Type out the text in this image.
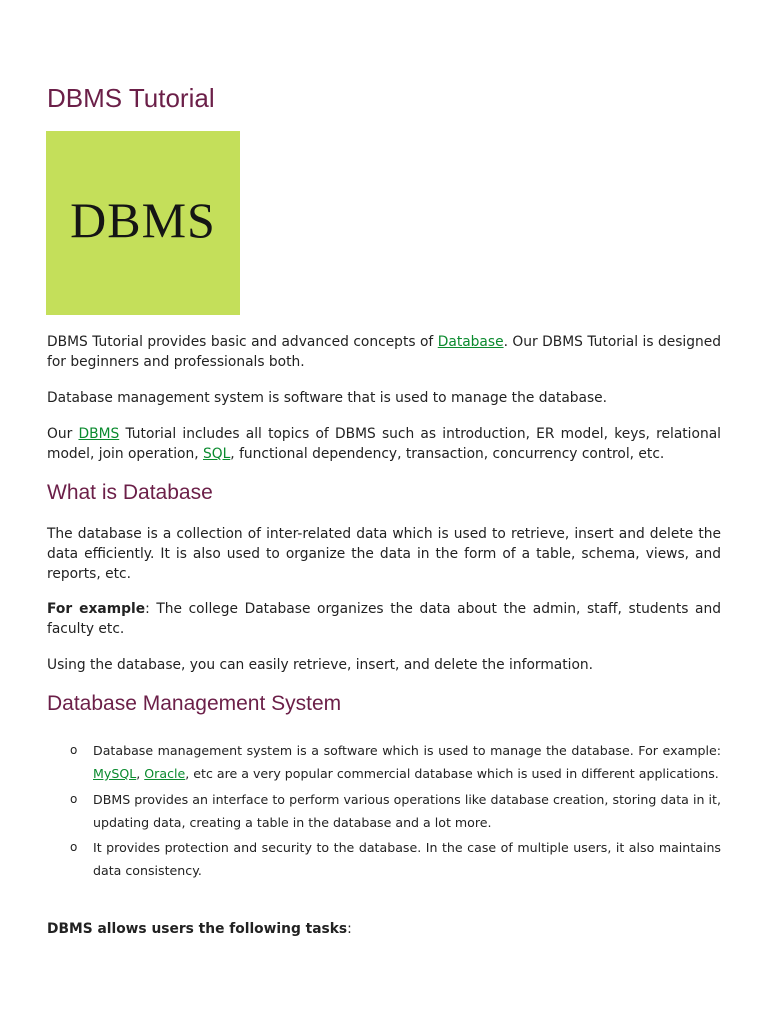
DBMS Tutorial
DBMS

DBMS Tutorial provides basic and advanced concepts of Database. Our DBMS Tutorial is designed for beginners and professionals both.

Database management system is software that is used to manage the database.

Our DBMS Tutorial includes all topics of DBMS such as introduction, ER model, keys, relational model, join operation, SQL, functional dependency, transaction, concurrency control, etc.

What is Database

The database is a collection of inter-related data which is used to retrieve, insert and delete the data efficiently. It is also used to organize the data in the form of a table, schema, views, and reports, etc.

For example: The college Database organizes the data about the admin, staff, students and faculty etc.

Using the database, you can easily retrieve, insert, and delete the information.

Database Management System
o Database management system is a software which is used to manage the database. For example: MySQL, Oracle, etc are a very popular commercial database which is used in different applications.
o DBMS provides an interface to perform various operations like database creation, storing data in it, updating data, creating a table in the database and a lot more.
o It provides protection and security to the database. In the case of multiple users, it also maintains data consistency.

DBMS allows users the following tasks:
